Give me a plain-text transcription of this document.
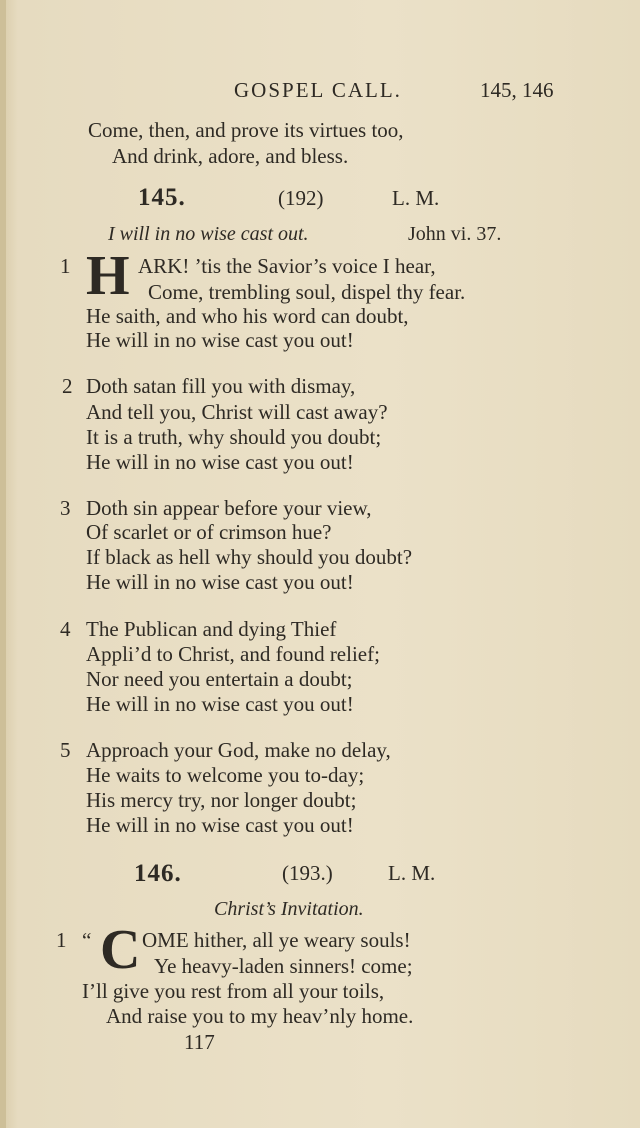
GOSPEL CALL.	145, 146
Come, then, and prove its virtues too,
And drink, adore, and bless.
145.	(192)	L. M.
I will in no wise cast out.	John vi. 37.
1 H ARK! ’tis the Savior’s voice I hear,
Come, trembling soul, dispel thy fear.
He saith, and who his word can doubt,
He will in no wise cast you out!
2 Doth satan fill you with dismay,
And tell you, Christ will cast away?
It is a truth, why should you doubt;
He will in no wise cast you out!
3 Doth sin appear before your view,
Of scarlet or of crimson hue?
If black as hell why should you doubt?
He will in no wise cast you out!
4 The Publican and dying Thief
Appli’d to Christ, and found relief;
Nor need you entertain a doubt;
He will in no wise cast you out!
5 Approach your God, make no delay,
He waits to welcome you to-day;
His mercy try, nor longer doubt;
He will in no wise cast you out!
146.	(193.)	L. M.
Christ’s Invitation.
1 “ C OME hither, all ye weary souls!
Ye heavy-laden sinners! come;
I’ll give you rest from all your toils,
And raise you to my heav’nly home.
117
